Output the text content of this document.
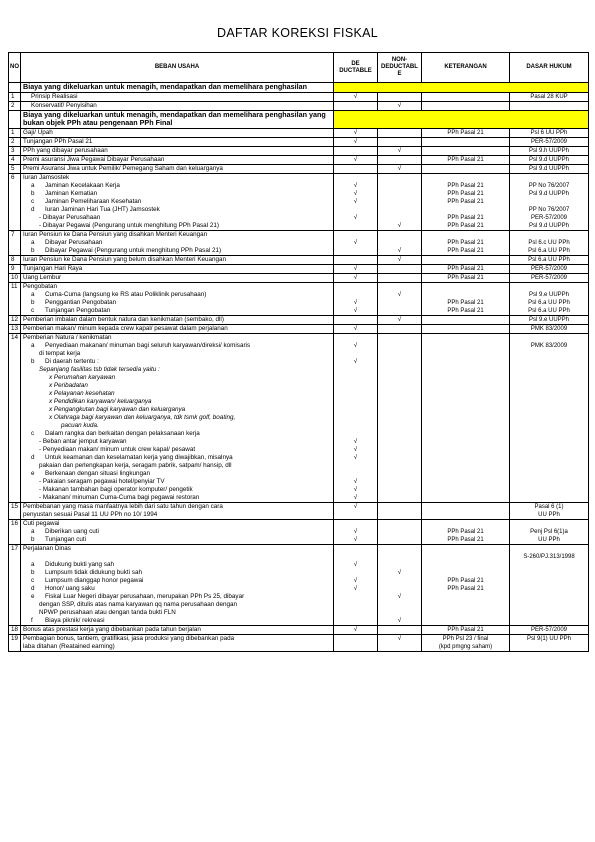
DAFTAR KOREKSI FISKAL
NO	BEBAN USAHA	DE DUCTABLE	NON- DEDUCTABL E	KETERANGAN	DASAR HUKUM
	Biaya yang dikeluarkan untuk menagih, mendapatkan dan memelihara penghasilan				
1	Prinsip Realisasi	√			Pasal 28 KUP
2	Konservatif/ Penyisihan		√		
	Biaya yang dikeluarkan untuk menagih, mendapatkan dan memelihara penghasilan yang bukan objek PPh atau pengenaan PPh Final				
1	Gaji/ Upah	√		PPh Pasal 21	Psl 6 UU PPh
2	Tunjangan PPh Pasal 21	√			PER-57/2009
3	PPh yang dibayar perusahaan		√		Psl 9.h UUPPh
4	Premi asuransi Jiwa Pegawai Dibayar Perusahaan	√		PPh Pasal 21	Psl 9.d UUPPh
5	Premi Asuransi Jiwa untuk Pemilik/ Pemegang Saham dan keluarganya		√		Psl 9.d UUPPh
6	Iuran Jamsostek				
	a Jaminan Kecelakaan Kerja	√		PPh Pasal 21	PP No 76/2007
	b Jaminan Kematian	√		PPh Pasal 21	Psl 9.d UUPPh
	c Jaminan Pemeliharaan Kesehatan	√		PPh Pasal 21	
	d Iuran Jaminan Hari Tua (JHT) Jamsostek				PP No 76/2007
	- Dibayar Perusahaan	√		PPh Pasal 21	PER-57/2009
	- Dibayar Pegawai (Pengurang untuk menghitung PPh Pasal 21)		√	PPh Pasal 21	Psl 9.d UUPPh
7	Iuran Pensiun ke Dana Pensiun yang disahkan Menteri Keuangan				
	a Dibayar Perusahaan	√		PPh Pasal 21	Psl 6.c UU PPh
	b Dibayar Pegawai (Pengurang untuk menghitung PPh Pasal 21)		√	PPh Pasal 21	Psl 6.a UU PPh
8	Iuran Pensiun ke Dana Pensiun yang belum disahkan Menteri Keuangan		√		Psl 6.a UU PPh
9	Tunjangan Hari Raya	√		PPh Pasal 21	PER-57/2009
10	Uang Lembur	√		PPh Pasal 21	PER-57/2009
11	Pengobatan				
	a Cuma-Cuma (langsung ke RS atau Poliklinik perusahaan)		√		Psl 9.e UUPPh
	b Penggantian Pengobatan	√		PPh Pasal 21	Psl 6.a UU PPh
	c Tunjangan Pengobatan	√		PPh Pasal 21	Psl 6.a UU PPh
12	Pemberian imbalan dalam bentuk natura dan kenikmatan (sembako, dll)		√		Psl 9.e UUPPh
13	Pemberian makan/ minum kepada crew kapal/ pesawat dalam perjalanan	√			PMK 83/2009
14	Pemberian Natura / kenikmatan				
	a Penyediaan makanan/ minuman bagi seluruh karyawan/direksi/ komisaris	√			PMK 83/2009
	di tempat kerja				
	b Di daerah tertentu :	√			
	Sepanjang fasilitas tsb tidak tersedia yaitu :				
	x Perumahan karyawan				
	x Peribadatan				
	x Pelayanan kesehatan				
	x Pendidikan karyawan/ keluarganya				
	x Pengangkutan bagi karyawan dan keluarganya				
	x Olahraga bagi karyawan dan keluarganya, tdk tsmk golf, boating,				
	pacuan kuda.				
	c Dalam rangka dan berkaitan dengan pelaksanaan kerja				
	- Beban antar jemput karyawan	√			
	- Penyediaan makan/ minum untuk crew kapal/ pesawat	√			
	d Untuk keamanan dan keselamatan kerja yang diwajibkan, misalnya	√			
	pakaian dan perlengkapan kerja, seragam pabrik, satpam/ hansip, dll				
	e Berkenaan dengan situasi lingkungan				
	- Pakaian seragam pegawai hotel/penyiar TV	√			
	- Makanan tambahan bagi operator komputer/ pengetik	√			
	- Makanan/ minuman Cuma-Cuma bagi pegawai restoran	√			
15	Pembebanan yang masa manfaatnya lebih dari satu tahun dengan cara	√			Pasal 6 (1)
	penyustan sesuai Pasal 11 UU PPh no 10/ 1994				UU PPh
16	Cuti pegawai				
	a Diberikan uang cuti	√		PPh Pasal 21	Penj Psl 6(1)a
	b Tunjangan cuti	√		PPh Pasal 21	UU PPh
17	Perjalanan Dinas				
					S-260/PJ.313/1998
	a Didukung bukti yang sah	√			
	b Lumpsum tidak didukung bukti sah		√		
	c Lumpsum dianggap honor pegawai	√		PPh Pasal 21	
	d Honor/ uang saku	√		PPh Pasal 21	
	e Fiskal Luar Negeri dibayar perusahaan, merupakan PPh Ps 25, dibayar		√		
	dengan SSP, ditulis atas nama karyawan qq nama perusahaan dengan				
	NPWP perusahaan atau dengan tanda bukti FLN				
	f Biaya piknik/ rekreasi		√		
18	Bonus atas prestasi kerja yang dibebankan pada tahun berjalan	√		PPh Pasal 21	PER-57/2009
19	Pembagian bonus, tantiem, gratifikasi, jasa produksi yang dibebankan pada		√	PPh Psl 23 / final	Psl 9(1) UU PPh
	laba ditahan (Reatained earning)			(kpd pmgng saham)	
